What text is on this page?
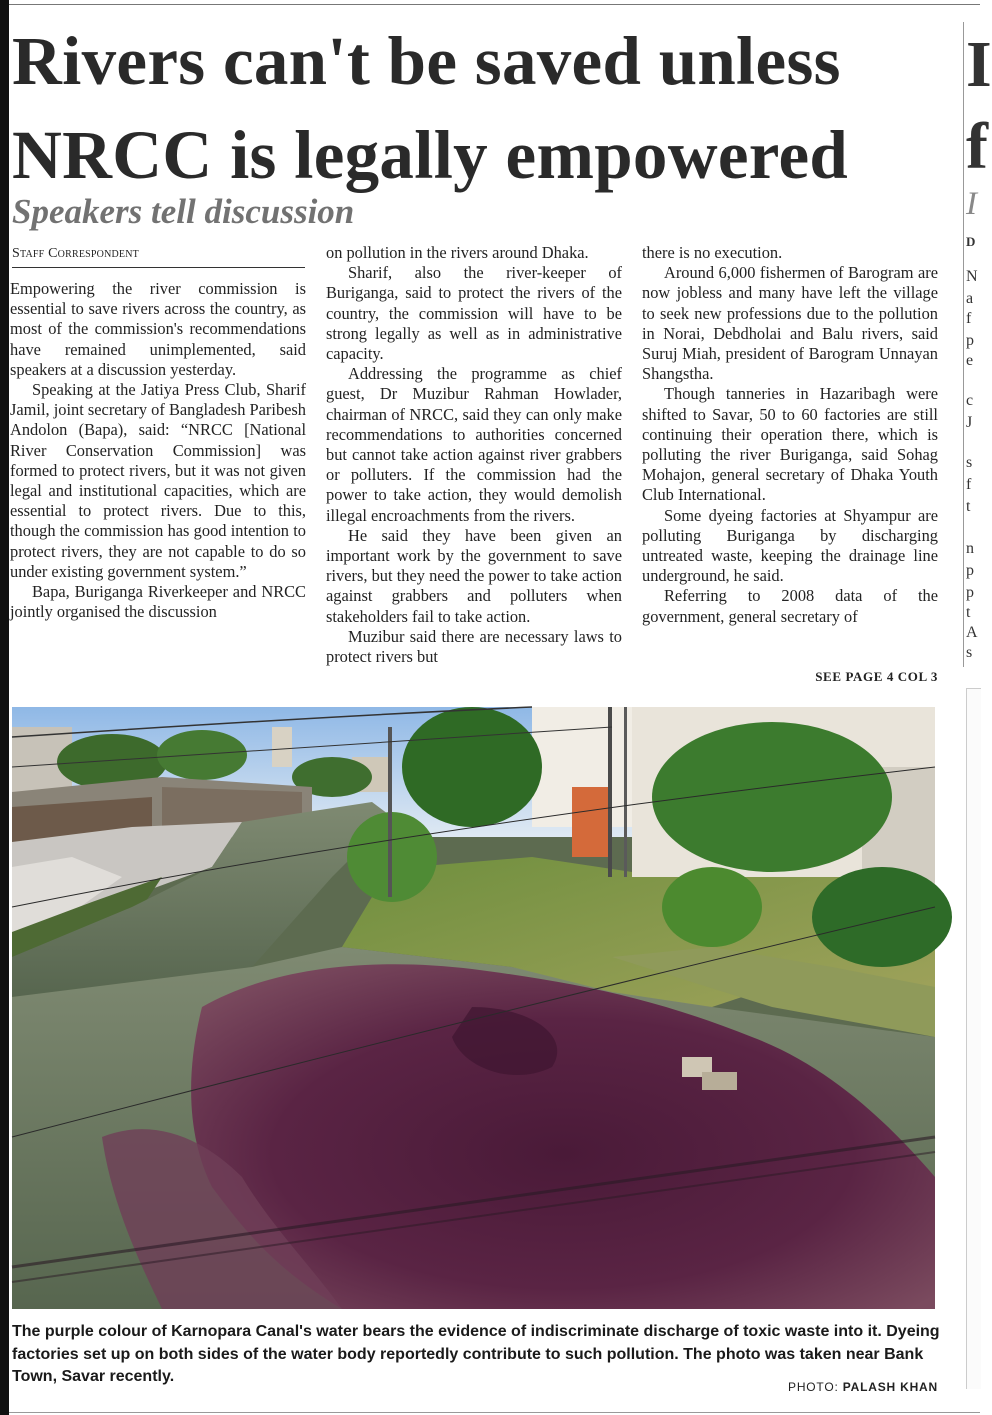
Rivers can't be saved unless NRCC is legally empowered
Speakers tell discussion
Staff Correspondent

Empowering the river commission is essential to save rivers across the country, as most of the commission's recommendations have remained unimplemented, said speakers at a discussion yesterday.

Speaking at the Jatiya Press Club, Sharif Jamil, joint secretary of Bangladesh Paribesh Andolon (Bapa), said: “NRCC [National River Conservation Commission] was formed to protect rivers, but it was not given legal and institutional capacities, which are essential to protect rivers. Due to this, though the commission has good intention to protect rivers, they are not capable to do so under existing government system.”

Bapa, Buriganga Riverkeeper and NRCC jointly organised the discussion

on pollution in the rivers around Dhaka.

Sharif, also the river-keeper of Buriganga, said to protect the rivers of the country, the commission will have to be strong legally as well as in administrative capacity.

Addressing the programme as chief guest, Dr Muzibur Rahman Howlader, chairman of NRCC, said they can only make recommendations to authorities concerned but cannot take action against river grabbers or polluters. If the commission had the power to take action, they would demolish illegal encroachments from the rivers.

He said they have been given an important work by the government to save rivers, but they need the power to take action against grabbers and polluters when stakeholders fail to take action.

Muzibur said there are necessary laws to protect rivers but

there is no execution.

Around 6,000 fishermen of Barogram are now jobless and many have left the village to seek new professions due to the pollution in Norai, Debdholai and Balu rivers, said Suruj Miah, president of Barogram Unnayan Shangstha.

Though tanneries in Hazaribagh were shifted to Savar, 50 to 60 factories are still continuing their operation there, which is polluting the river Buriganga, said Sohag Mohajon, general secretary of Dhaka Youth Club International.

Some dyeing factories at Shyampur are polluting Buriganga by discharging untreated waste, keeping the drainage line underground, he said.

Referring to 2008 data of the government, general secretary of

SEE PAGE 4 COL 3
I
f
I
D
N
a
f
p
e
c
J
s
f
t
n
p
p
t
A
s

The purple colour of Karnopara Canal's water bears the evidence of indiscriminate discharge of toxic waste into it. Dyeing factories set up on both sides of the water body reportedly contribute to such pollution. The photo was taken near Bank Town, Savar recently.

PHOTO: PALASH KHAN
